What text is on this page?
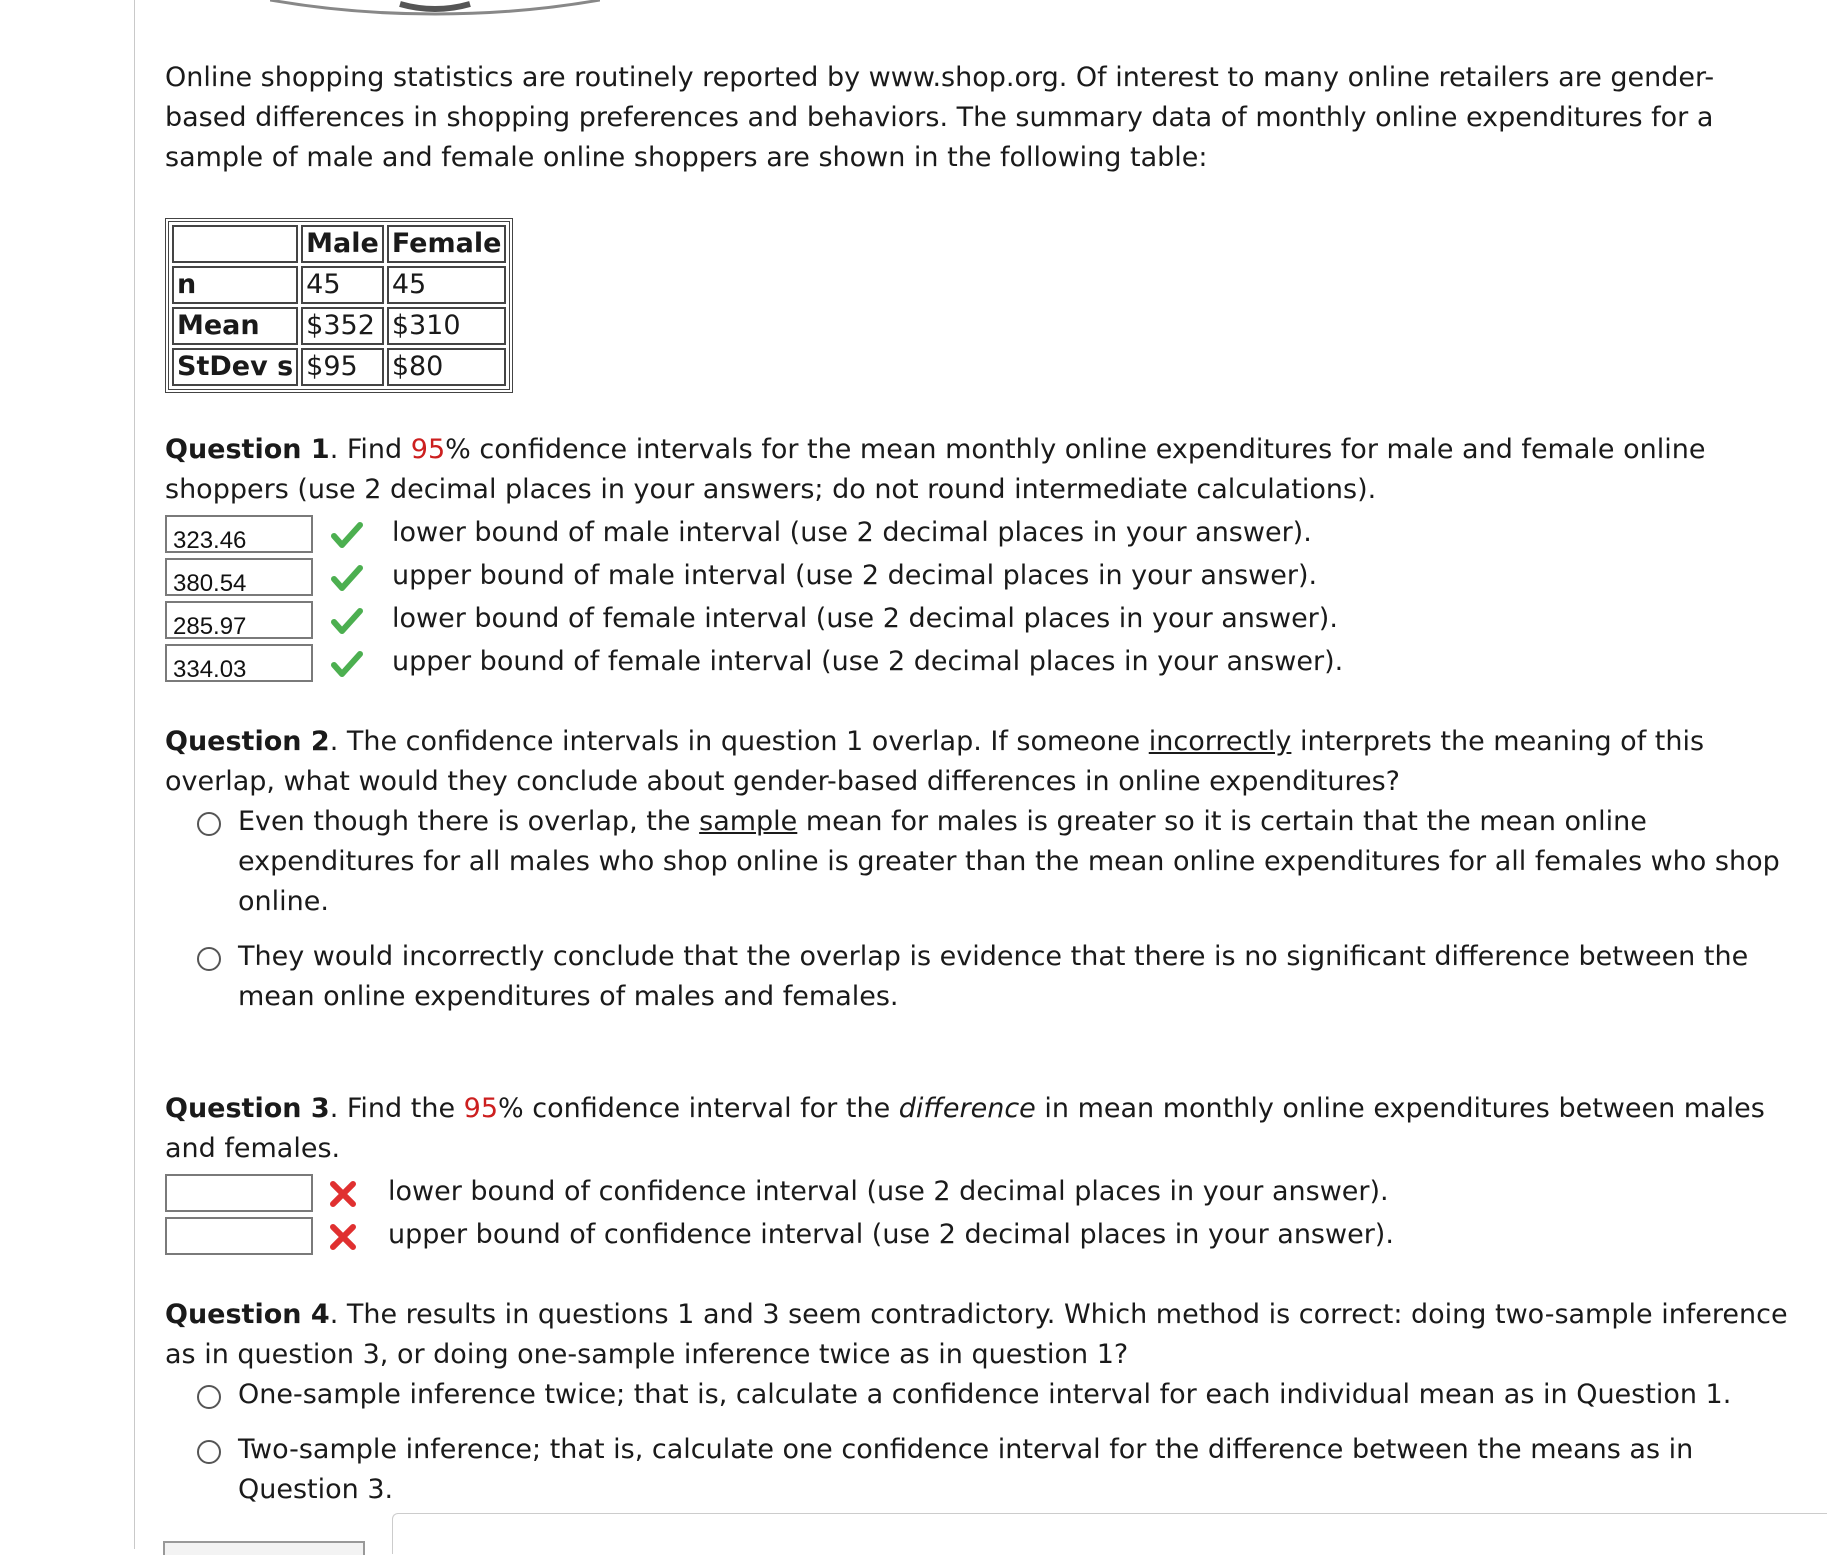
Online shopping statistics are routinely reported by www.shop.org. Of interest to many online retailers are gender-based differences in shopping preferences and behaviors. The summary data of monthly online expenditures for a sample of male and female online shoppers are shown in the following table:

	Male	Female
n	45	45
Mean	$352	$310
StDev s	$95	$80

Question 1. Find 95% confidence intervals for the mean monthly online expenditures for male and female online shoppers (use 2 decimal places in your answers; do not round intermediate calculations).

323.46	lower bound of male interval (use 2 decimal places in your answer).
380.54	upper bound of male interval (use 2 decimal places in your answer).
285.97	lower bound of female interval (use 2 decimal places in your answer).
334.03	upper bound of female interval (use 2 decimal places in your answer).

Question 2. The confidence intervals in question 1 overlap. If someone incorrectly interprets the meaning of this overlap, what would they conclude about gender-based differences in online expenditures?

Even though there is overlap, the sample mean for males is greater so it is certain that the mean online expenditures for all males who shop online is greater than the mean online expenditures for all females who shop online.

They would incorrectly conclude that the overlap is evidence that there is no significant difference between the mean online expenditures of males and females.

Question 3. Find the 95% confidence interval for the difference in mean monthly online expenditures between males and females.

lower bound of confidence interval (use 2 decimal places in your answer).
upper bound of confidence interval (use 2 decimal places in your answer).

Question 4. The results in questions 1 and 3 seem contradictory. Which method is correct: doing two-sample inference as in question 3, or doing one-sample inference twice as in question 1?

One-sample inference twice; that is, calculate a confidence interval for each individual mean as in Question 1.

Two-sample inference; that is, calculate one confidence interval for the difference between the means as in Question 3.
